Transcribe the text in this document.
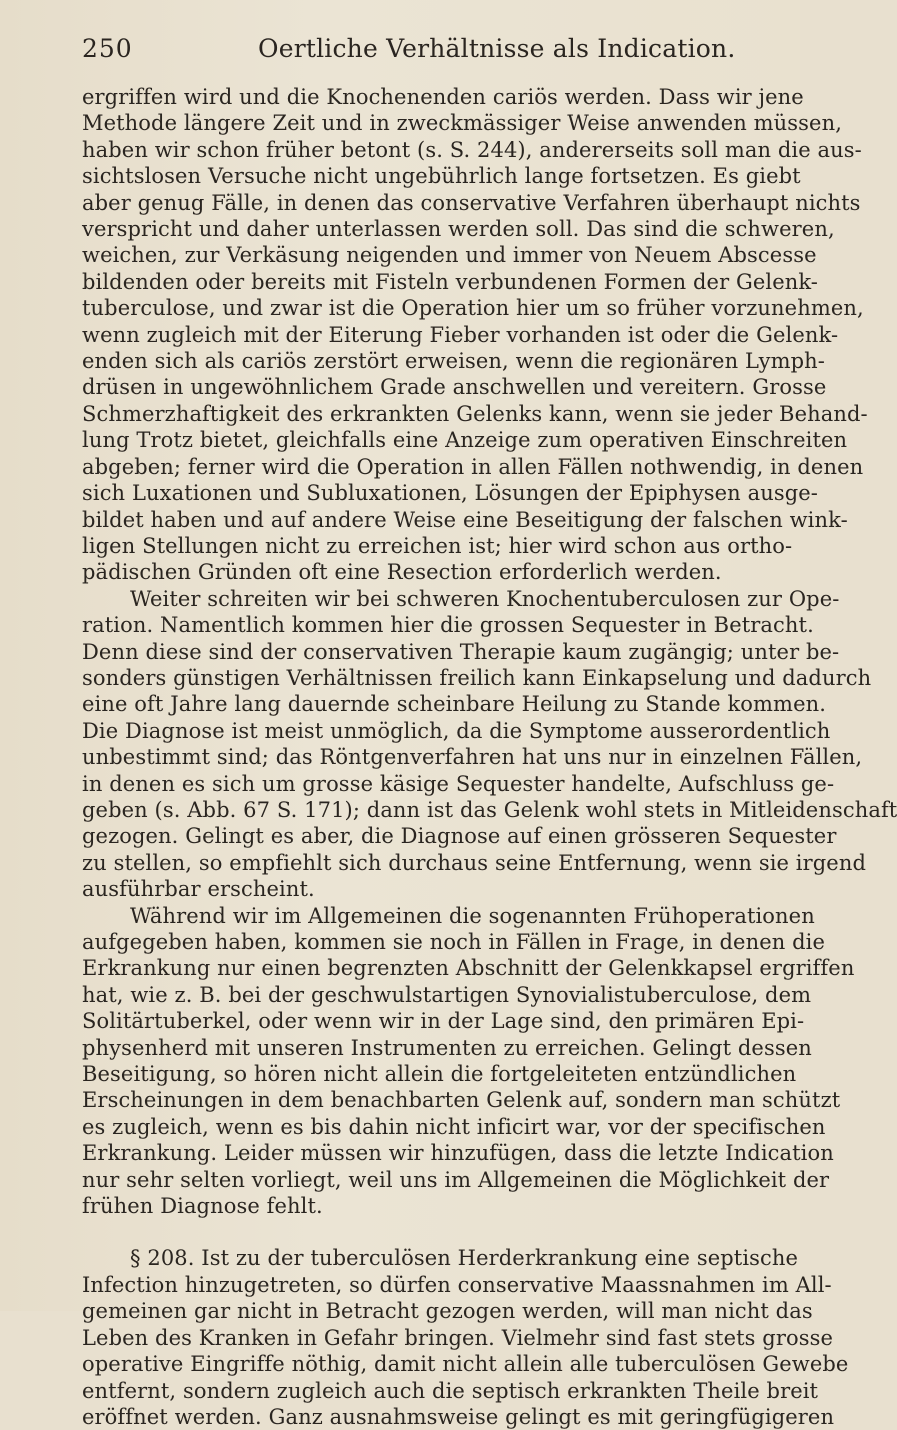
250	Oertliche Verhältnisse als Indication.
ergriffen wird und die Knochenenden cariös werden. Dass wir jene
Methode längere Zeit und in zweckmässiger Weise anwenden müssen,
haben wir schon früher betont (s. S. 244), andererseits soll man die aus-
sichtslosen Versuche nicht ungebührlich lange fortsetzen. Es giebt
aber genug Fälle, in denen das conservative Verfahren überhaupt nichts
verspricht und daher unterlassen werden soll. Das sind die schweren,
weichen, zur Verkäsung neigenden und immer von Neuem Abscesse
bildenden oder bereits mit Fisteln verbundenen Formen der Gelenk-
tuberculose, und zwar ist die Operation hier um so früher vorzunehmen,
wenn zugleich mit der Eiterung Fieber vorhanden ist oder die Gelenk-
enden sich als cariös zerstört erweisen, wenn die regionären Lymph-
drüsen in ungewöhnlichem Grade anschwellen und vereitern. Grosse
Schmerzhaftigkeit des erkrankten Gelenks kann, wenn sie jeder Behand-
lung Trotz bietet, gleichfalls eine Anzeige zum operativen Einschreiten
abgeben; ferner wird die Operation in allen Fällen nothwendig, in denen
sich Luxationen und Subluxationen, Lösungen der Epiphysen ausge-
bildet haben und auf andere Weise eine Beseitigung der falschen wink-
ligen Stellungen nicht zu erreichen ist; hier wird schon aus ortho-
pädischen Gründen oft eine Resection erforderlich werden.
Weiter schreiten wir bei schweren Knochentuberculosen zur Ope-
ration. Namentlich kommen hier die grossen Sequester in Betracht.
Denn diese sind der conservativen Therapie kaum zugängig; unter be-
sonders günstigen Verhältnissen freilich kann Einkapselung und dadurch
eine oft Jahre lang dauernde scheinbare Heilung zu Stande kommen.
Die Diagnose ist meist unmöglich, da die Symptome ausserordentlich
unbestimmt sind; das Röntgenverfahren hat uns nur in einzelnen Fällen,
in denen es sich um grosse käsige Sequester handelte, Aufschluss ge-
geben (s. Abb. 67 S. 171); dann ist das Gelenk wohl stets in Mitleidenschaft
gezogen. Gelingt es aber, die Diagnose auf einen grösseren Sequester
zu stellen, so empfiehlt sich durchaus seine Entfernung, wenn sie irgend
ausführbar erscheint.
Während wir im Allgemeinen die sogenannten Frühoperationen
aufgegeben haben, kommen sie noch in Fällen in Frage, in denen die
Erkrankung nur einen begrenzten Abschnitt der Gelenkkapsel ergriffen
hat, wie z. B. bei der geschwulstartigen Synovialistuberculose, dem
Solitärtuberkel, oder wenn wir in der Lage sind, den primären Epi-
physenherd mit unseren Instrumenten zu erreichen. Gelingt dessen
Beseitigung, so hören nicht allein die fortgeleiteten entzündlichen
Erscheinungen in dem benachbarten Gelenk auf, sondern man schützt
es zugleich, wenn es bis dahin nicht inficirt war, vor der specifischen
Erkrankung. Leider müssen wir hinzufügen, dass die letzte Indication
nur sehr selten vorliegt, weil uns im Allgemeinen die Möglichkeit der
frühen Diagnose fehlt.
§ 208. Ist zu der tuberculösen Herderkrankung eine septische
Infection hinzugetreten, so dürfen conservative Maassnahmen im All-
gemeinen gar nicht in Betracht gezogen werden, will man nicht das
Leben des Kranken in Gefahr bringen. Vielmehr sind fast stets grosse
operative Eingriffe nöthig, damit nicht allein alle tuberculösen Gewebe
entfernt, sondern zugleich auch die septisch erkrankten Theile breit
eröffnet werden. Ganz ausnahmsweise gelingt es mit geringfügigeren
